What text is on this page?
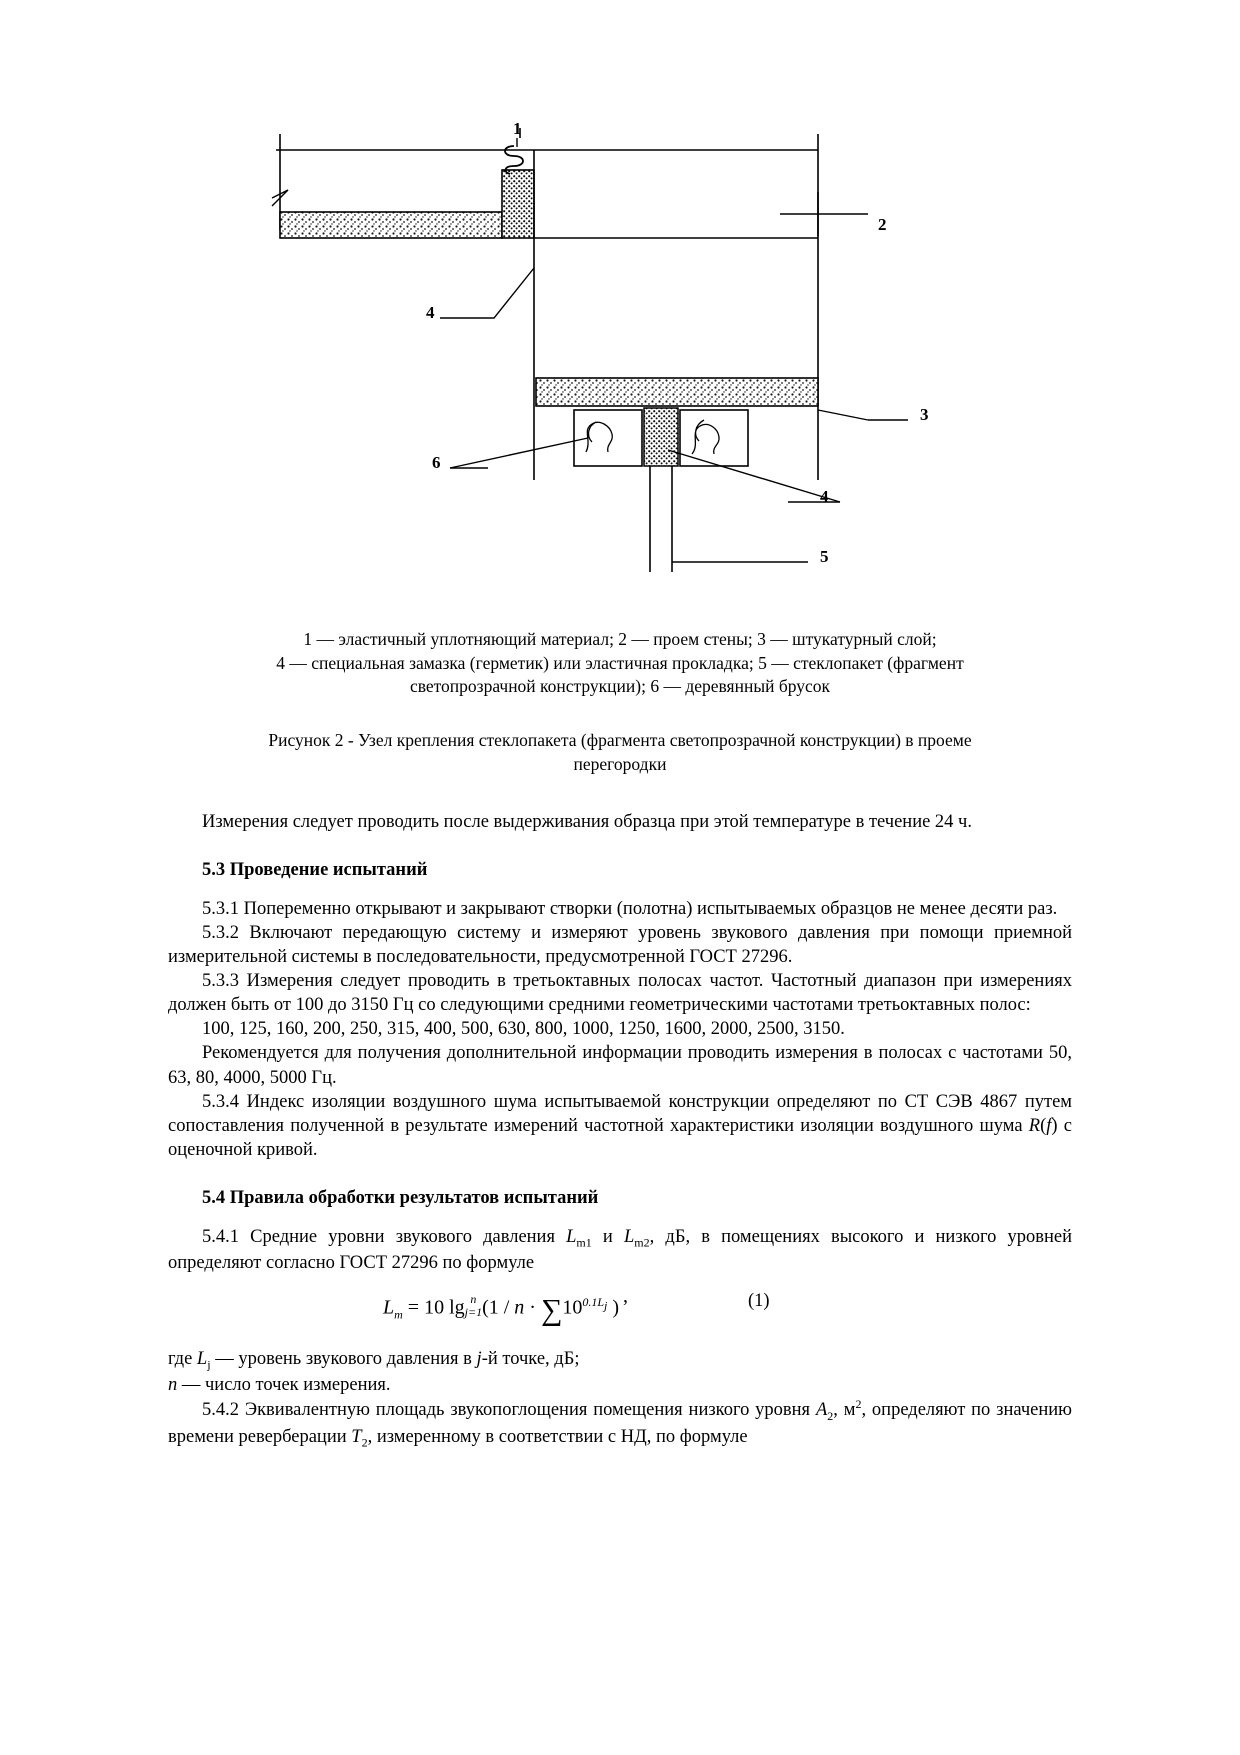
1
2
3
4
4
5
6
1 — эластичный уплотняющий материал; 2 — проем стены; 3 — штукатурный слой;
4 — специальная замазка (герметик) или эластичная прокладка; 5 — стеклопакет (фрагмент
светопрозрачной конструкции); 6 — деревянный брусок
Рисунок 2 - Узел крепления стеклопакета (фрагмента светопрозрачной конструкции) в проеме
перегородки

Измерения следует проводить после выдерживания образца при этой температуре в течение 24 ч.

5.3 Проведение испытаний

5.3.1 Попеременно открывают и закрывают створки (полотна) испытываемых образцов не менее десяти раз.

5.3.2 Включают передающую систему и измеряют уровень звукового давления при помощи приемной измерительной системы в последовательности, предусмотренной ГОСТ 27296.

5.3.3 Измерения следует проводить в третьоктавных полосах частот. Частотный диапазон при измерениях должен быть от 100 до 3150 Гц со следующими средними геометрическими частотами третьоктавных полос:

100, 125, 160, 200, 250, 315, 400, 500, 630, 800, 1000, 1250, 1600, 2000, 2500, 3150.

Рекомендуется для получения дополнительной информации проводить измерения в полосах с частотами 50, 63, 80, 4000, 5000 Гц.

5.3.4 Индекс изоляции воздушного шума испытываемой конструкции определяют по СТ СЭВ 4867 путем сопоставления полученной в результате измерений частотной характеристики изоляции воздушного шума R(f) с оценочной кривой.

5.4 Правила обработки результатов испытаний

5.4.1 Средние уровни звукового давления $L_{m1}$ и $L_{m2}$, дБ, в помещениях высокого и низкого уровней определяют согласно ГОСТ 27296 по формуле

$L_m = 10$ lg n
$j=1(1 / n \cdot \sum 10^{0.1L_j}$ )
,	(1)

где $L_j$ — уровень звукового давления в j-й точке, дБ;

n — число точек измерения.

5.4.2 Эквивалентную площадь звукопоглощения помещения низкого уровня $A_2$, $м^2$, определяют по значению времени реверберации $T_2$, измеренному в соответствии с НД, по формуле
